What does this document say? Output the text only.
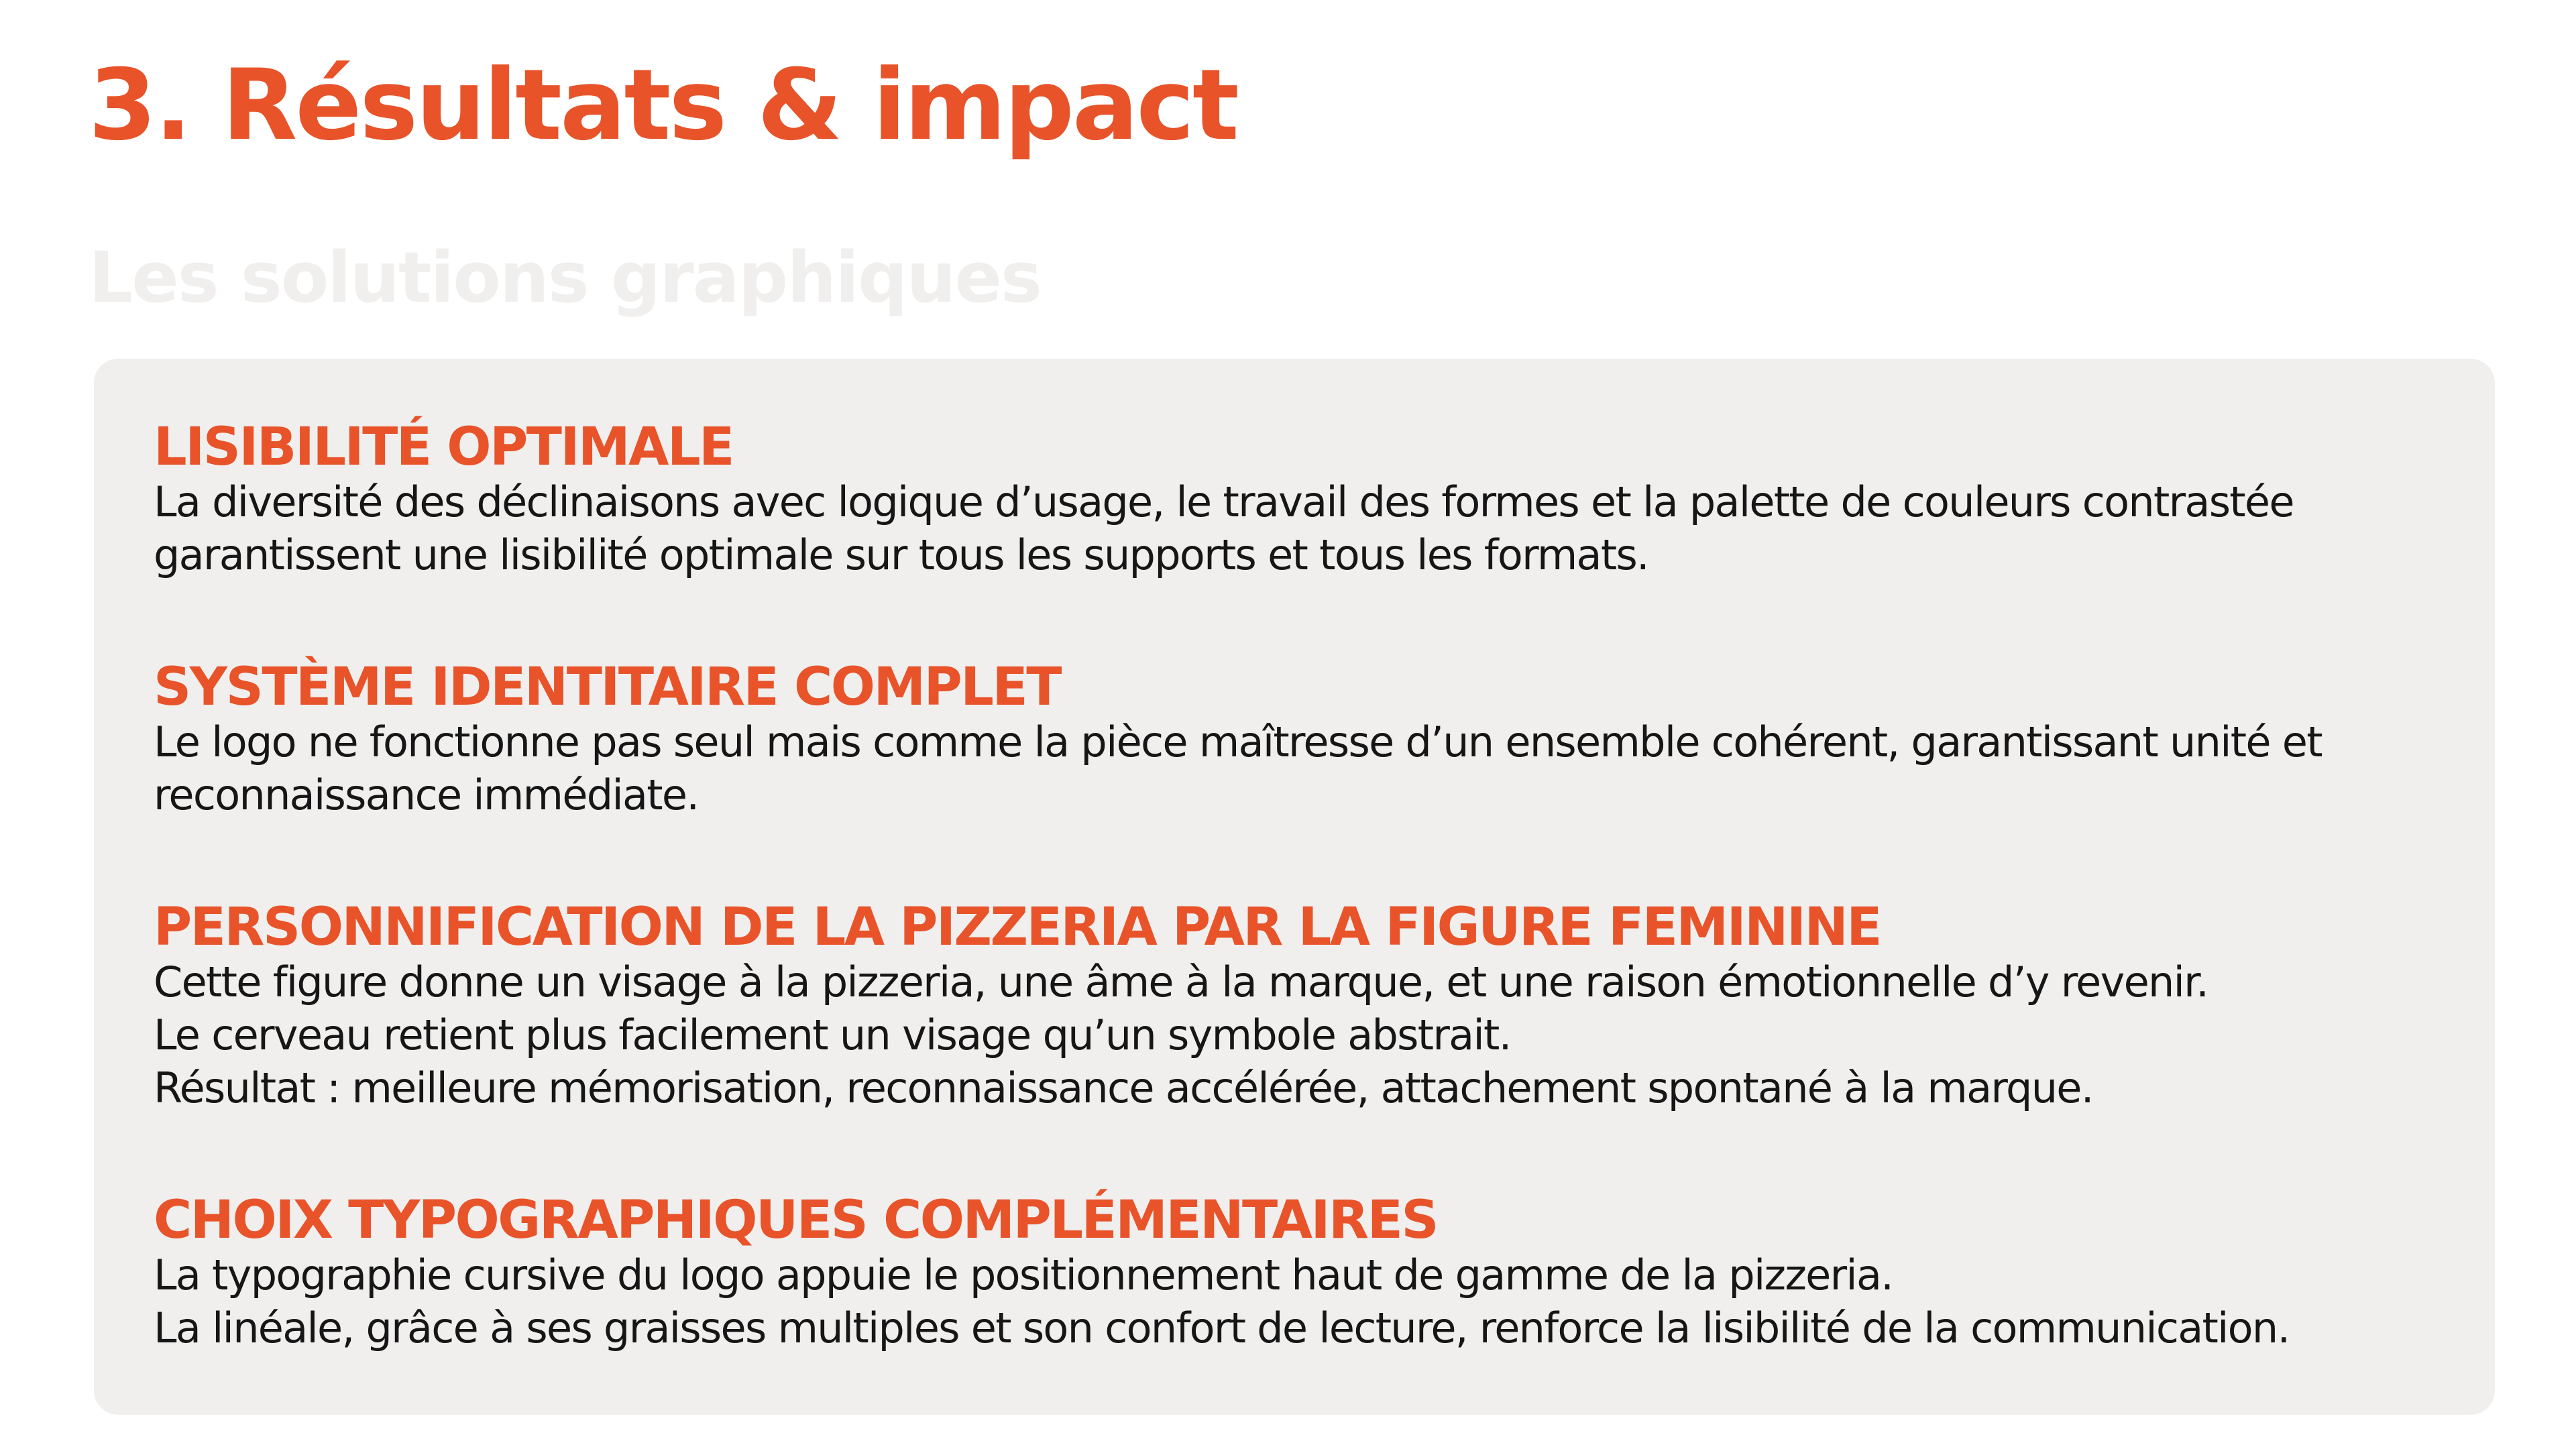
3. Résultats & impact
Les solutions graphiques
LISIBILITÉ OPTIMALE

La diversité des déclinaisons avec logique d’usage, le travail des formes et la palette de couleurs contrastée

garantissent une lisibilité optimale sur tous les supports et tous les formats.

SYSTÈME IDENTITAIRE COMPLET

Le logo ne fonctionne pas seul mais comme la pièce maîtresse d’un ensemble cohérent, garantissant unité et

reconnaissance immédiate.

PERSONNIFICATION DE LA PIZZERIA PAR LA FIGURE FEMININE

Cette figure donne un visage à la pizzeria, une âme à la marque, et une raison émotionnelle d’y revenir.

Le cerveau retient plus facilement un visage qu’un symbole abstrait.

Résultat : meilleure mémorisation, reconnaissance accélérée, attachement spontané à la marque.

CHOIX TYPOGRAPHIQUES COMPLÉMENTAIRES

La typographie cursive du logo appuie le positionnement haut de gamme de la pizzeria.

La linéale, grâce à ses graisses multiples et son confort de lecture, renforce la lisibilité de la communication.
